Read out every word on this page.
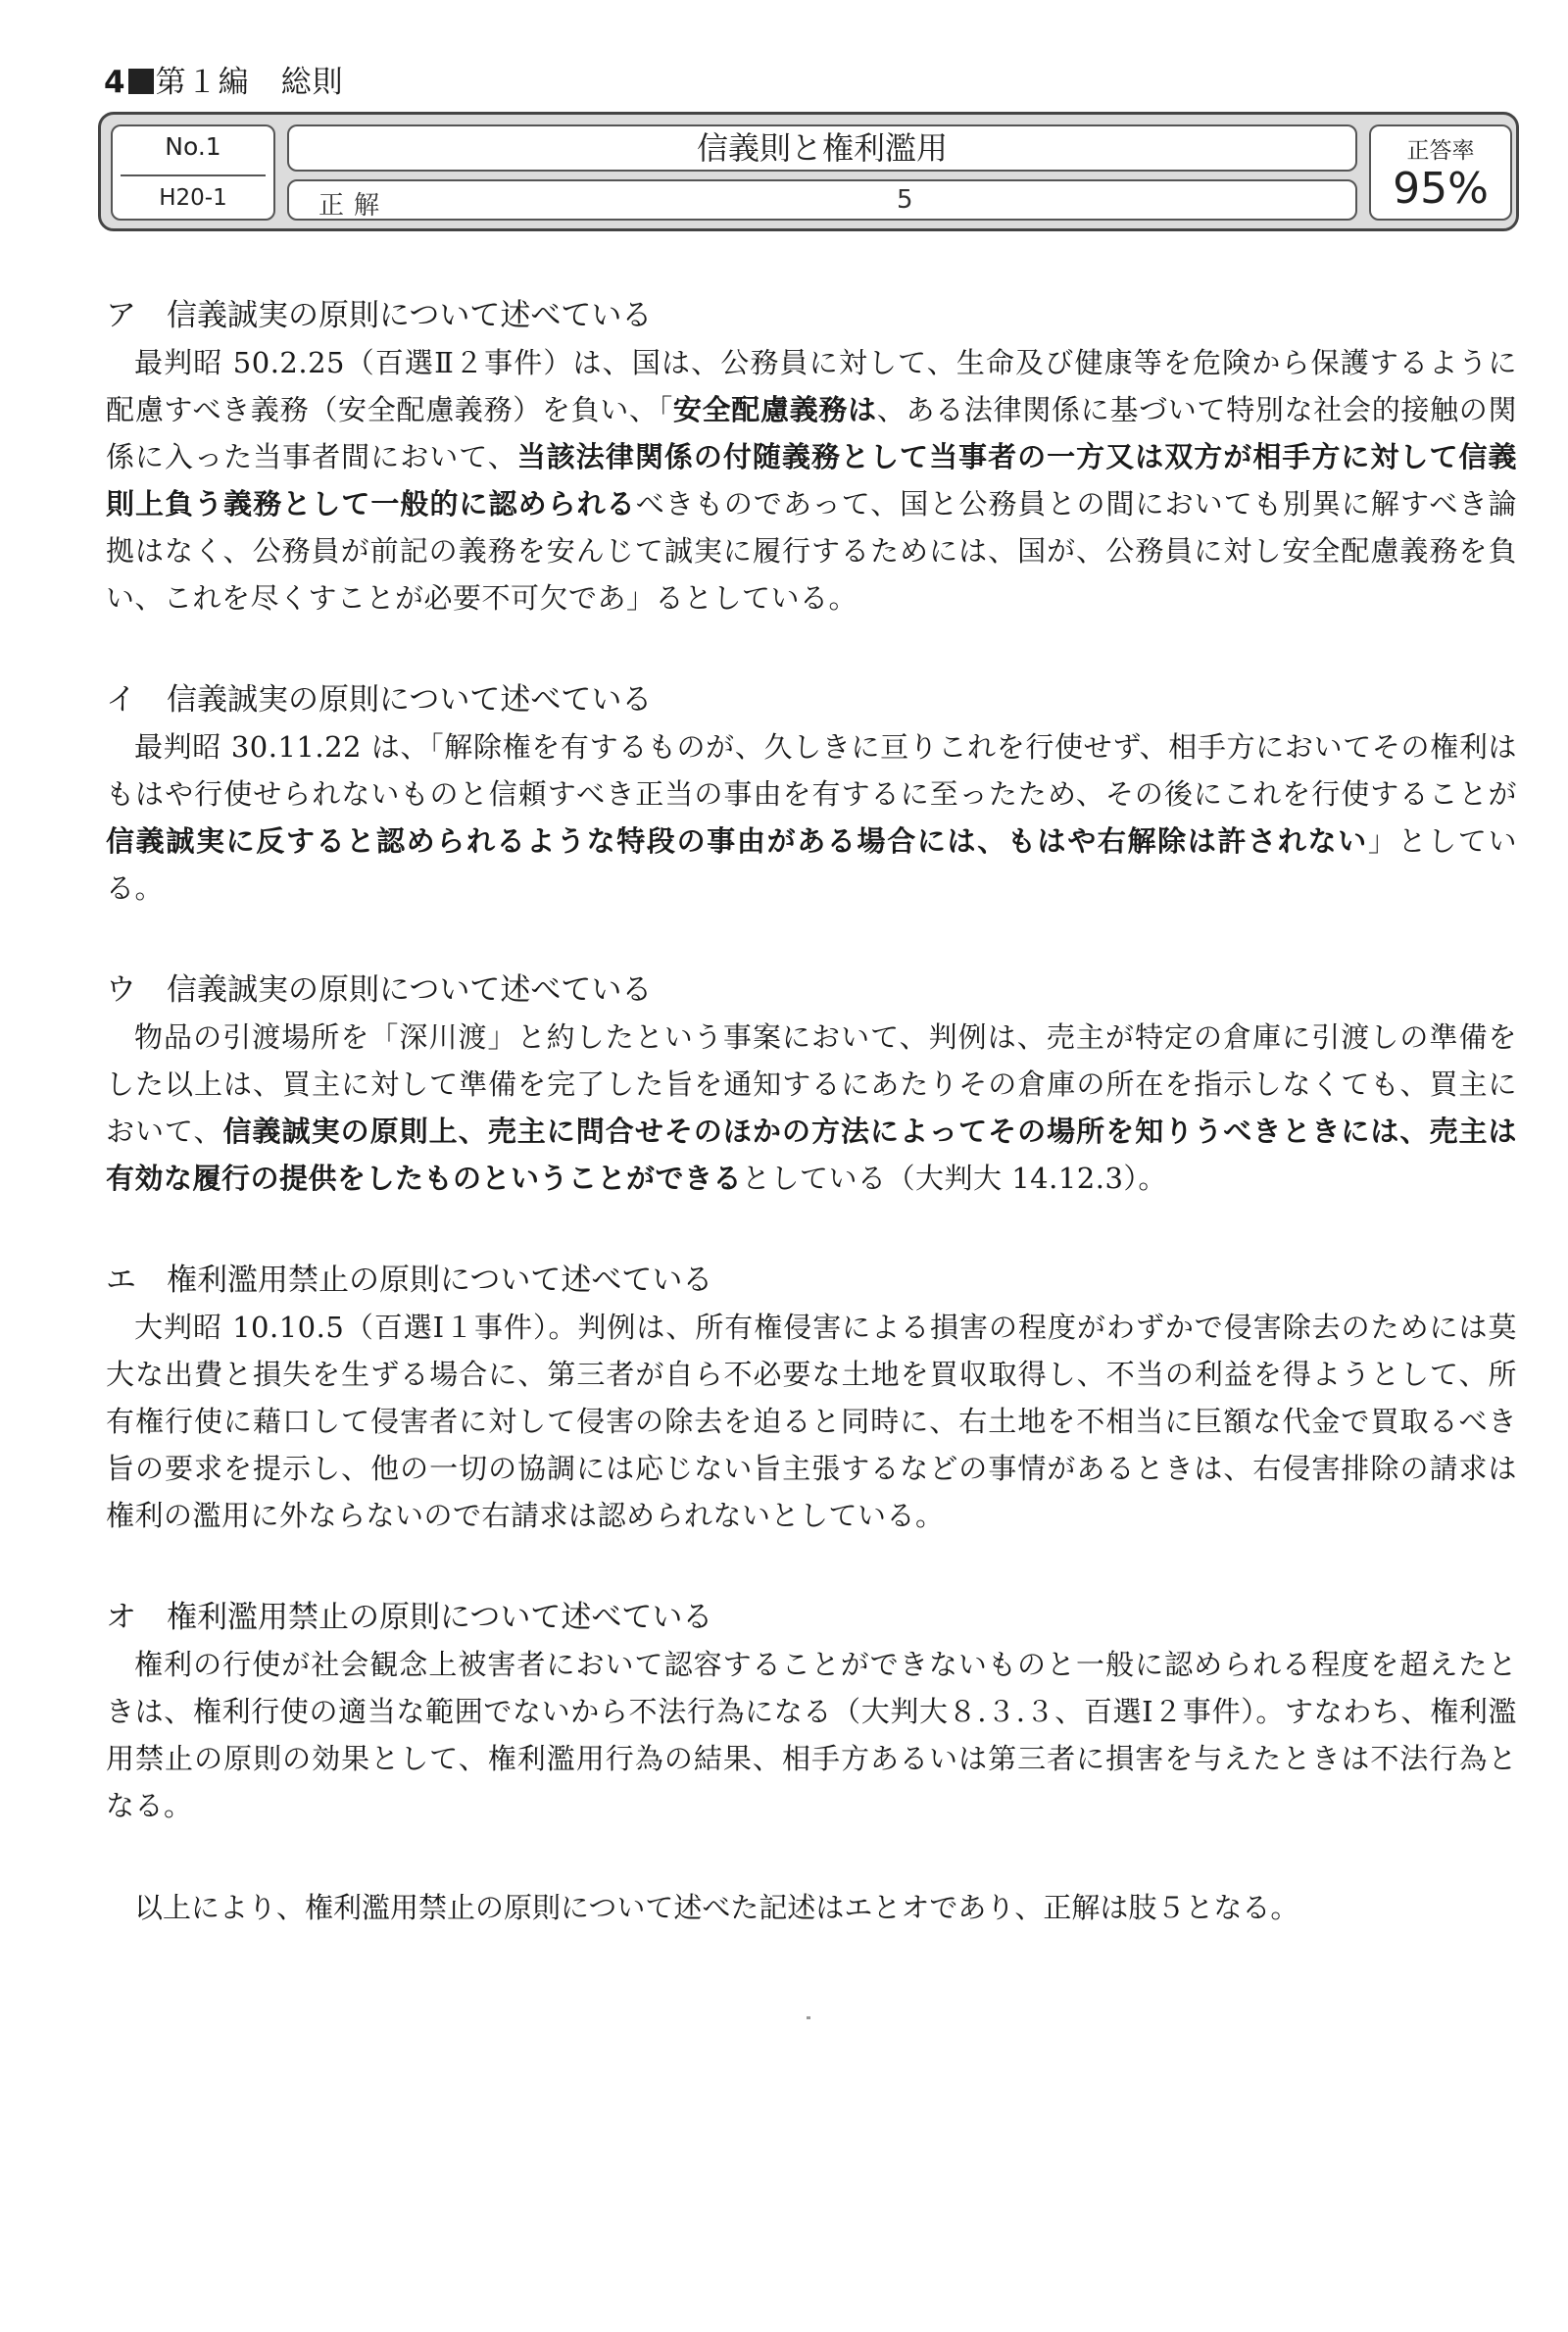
4 第１編　総則
No.1
H20-1
信義則と権利濫用
正解	5
正答率
95%
ア 信義誠実の原則について述べている
最判昭 50.2.25（百選Ⅱ２事件）は、国は、公務員に対して、生命及び健康等を危険から保護するように配慮すべき義務（安全配慮義務）を負い、「安全配慮義務は、ある法律関係に基づいて特別な社会的接触の関係に入った当事者間において、当該法律関係の付随義務として当事者の一方又は双方が相手方に対して信義則上負う義務として一般的に認められるべきものであって、国と公務員との間においても別異に解すべき論拠はなく、公務員が前記の義務を安んじて誠実に履行するためには、国が、公務員に対し安全配慮義務を負い、これを尽くすことが必要不可欠であ」るとしている。
イ 信義誠実の原則について述べている
最判昭 30.11.22 は、「解除権を有するものが、久しきに亘りこれを行使せず、相手方においてその権利はもはや行使せられないものと信頼すべき正当の事由を有するに至ったため、その後にこれを行使することが信義誠実に反すると認められるような特段の事由がある場合には、もはや右解除は許されない」としている。
ウ 信義誠実の原則について述べている
物品の引渡場所を「深川渡」と約したという事案において、判例は、売主が特定の倉庫に引渡しの準備をした以上は、買主に対して準備を完了した旨を通知するにあたりその倉庫の所在を指示しなくても、買主において、信義誠実の原則上、売主に問合せそのほかの方法によってその場所を知りうべきときには、売主は有効な履行の提供をしたものということができるとしている（大判大 14.12.3）。
エ 権利濫用禁止の原則について述べている
大判昭 10.10.5（百選Ⅰ１事件）。判例は、所有権侵害による損害の程度がわずかで侵害除去のためには莫大な出費と損失を生ずる場合に、第三者が自ら不必要な土地を買収取得し、不当の利益を得ようとして、所有権行使に藉口して侵害者に対して侵害の除去を迫ると同時に、右土地を不相当に巨額な代金で買取るべき旨の要求を提示し、他の一切の協調には応じない旨主張するなどの事情があるときは、右侵害排除の請求は権利の濫用に外ならないので右請求は認められないとしている。
オ 権利濫用禁止の原則について述べている
権利の行使が社会観念上被害者において認容することができないものと一般に認められる程度を超えたときは、権利行使の適当な範囲でないから不法行為になる（大判大８.３.３、百選Ⅰ２事件）。すなわち、権利濫用禁止の原則の効果として、権利濫用行為の結果、相手方あるいは第三者に損害を与えたときは不法行為となる。
以上により、権利濫用禁止の原則について述べた記述はエとオであり、正解は肢５となる。
